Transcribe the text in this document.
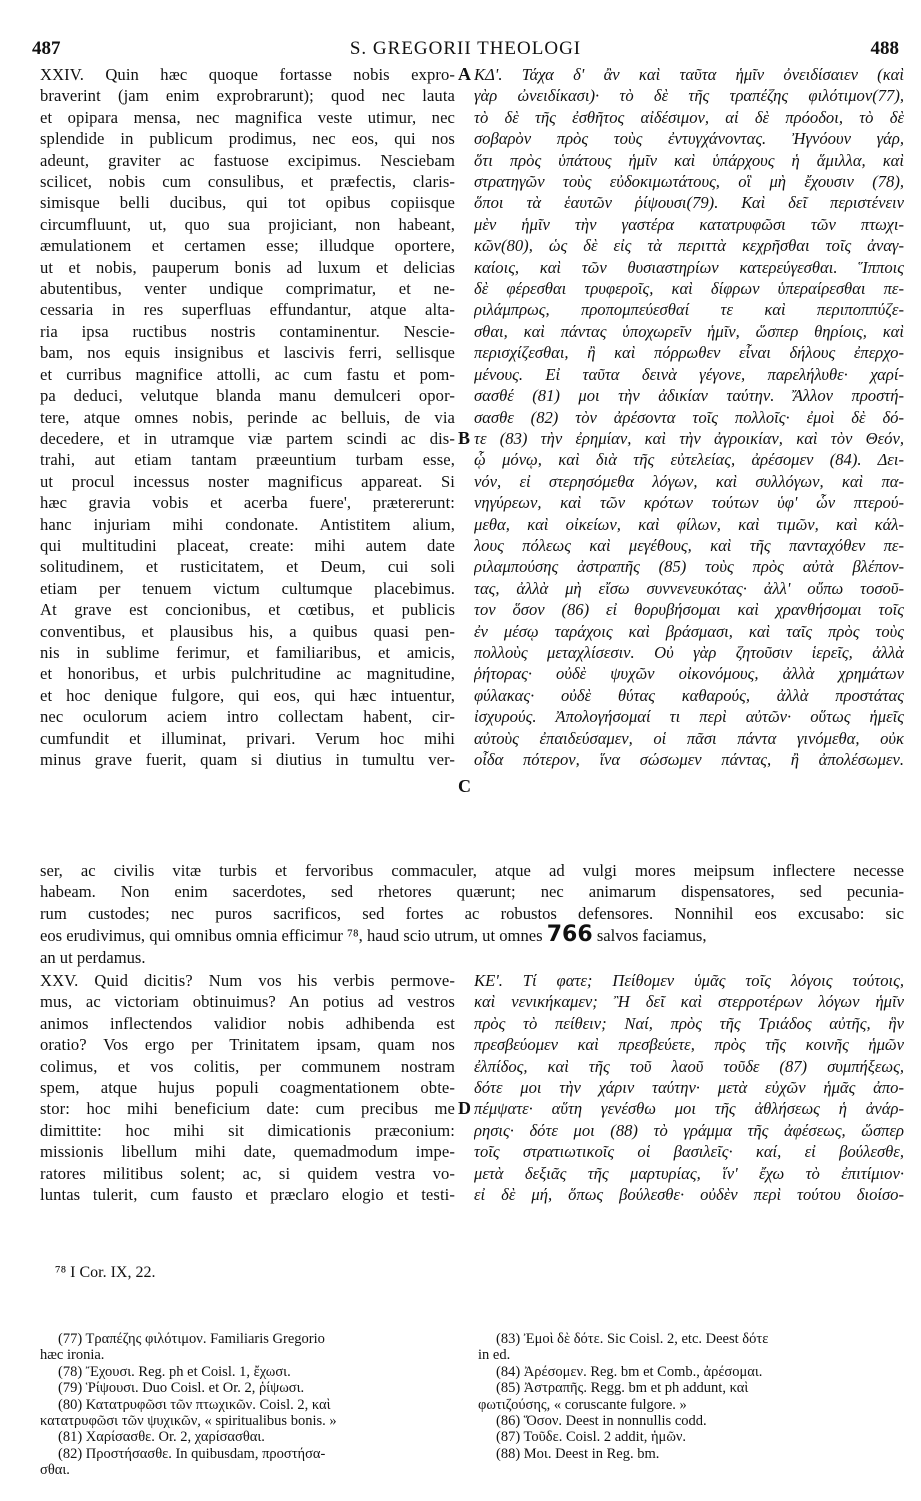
487	S. GREGORII THEOLOGI	488
XXIV. Quin hæc quoque fortasse nobis expro-
braverint (jam enim exprobrarunt); quod nec lauta
et opipara mensa, nec magnifica veste utimur, nec
splendide in publicum prodimus, nec eos, qui nos
adeunt, graviter ac fastuose excipimus. Nesciebam
scilicet, nobis cum consulibus, et præfectis, claris-
simisque belli ducibus, qui tot opibus copiisque
circumfluunt, ut, quo sua projiciant, non habeant,
æmulationem et certamen esse; illudque oportere,
ut et nobis, pauperum bonis ad luxum et delicias
abutentibus, venter undique comprimatur, et ne-
cessaria in res superfluas effundantur, atque alta-
ria ipsa ructibus nostris contaminentur. Nescie-
bam, nos equis insignibus et lascivis ferri, sellisque
et curribus magnifice attolli, ac cum fastu et pom-
pa deduci, velutque blanda manu demulceri opor-
tere, atque omnes nobis, perinde ac belluis, de via
decedere, et in utramque viæ partem scindi ac dis-
trahi, aut etiam tantam præeuntium turbam esse,
ut procul incessus noster magnificus appareat. Si
hæc gravia vobis et acerba fuere', prætererunt:
hanc injuriam mihi condonate. Antistitem alium,
qui multitudini placeat, create: mihi autem date
solitudinem, et rusticitatem, et Deum, cui soli
etiam per tenuem victum cultumque placebimus.
At grave est concionibus, et cœtibus, et publicis
conventibus, et plausibus his, a quibus quasi pen-
nis in sublime ferimur, et familiaribus, et amicis,
et honoribus, et urbis pulchritudine ac magnitudine,
et hoc denique fulgore, qui eos, qui hæc intuentur,
nec oculorum aciem intro collectam habent, cir-
cumfundit et illuminat, privari. Verum hoc mihi
minus grave fuerit, quam si diutius in tumultu ver-
ΚΔʹ. Τάχα δ' ἂν καὶ ταῦτα ἡμῖν ὀνειδίσαιεν (καὶ
γὰρ ὠνειδίκασι)· τὸ δὲ τῆς τραπέζης φιλότιμον(77),
τὸ δὲ τῆς ἐσθῆτος αἰδέσιμον, αἱ δὲ πρόοδοι, τὸ δὲ
σοβαρὸν πρὸς τοὺς ἐντυγχάνοντας. Ἠγνόουν γάρ,
ὅτι πρὸς ὑπάτους ἡμῖν καὶ ὑπάρχους ἡ ἅμιλλα, καὶ
στρατηγῶν τοὺς εὐδοκιμωτάτους, οἳ μὴ ἔχουσιν (78),
ὅποι τὰ ἑαυτῶν ῥίψουσι(79). Καὶ δεῖ περιστένειν
μὲν ἡμῖν τὴν γαστέρα κατατρυφῶσι τῶν πτωχι-
κῶν(80), ὡς δὲ εἰς τὰ περιττὰ κεχρῆσθαι τοῖς ἀναγ-
καίοις, καὶ τῶν θυσιαστηρίων κατερεύγεσθαι. Ἵπποις
δὲ φέρεσθαι τρυφεροῖς, καὶ δίφρων ὑπεραίρεσθαι πε-
ριλάμπρως, προπομπεύεσθαί τε καὶ περιποππύζε-
σθαι, καὶ πάντας ὑποχωρεῖν ἡμῖν, ὥσπερ θηρίοις, καὶ
περισχίζεσθαι, ἢ καὶ πόρρωθεν εἶναι δήλους ἐπερχο-
μένους. Εἰ ταῦτα δεινὰ γέγονε, παρελήλυθε· χαρί-
σασθέ (81) μοι τὴν ἀδικίαν ταύτην. Ἄλλον προστή-
σασθε (82) τὸν ἀρέσοντα τοῖς πολλοῖς· ἐμοὶ δὲ δό-
τε (83) τὴν ἐρημίαν, καὶ τὴν ἀγροικίαν, καὶ τὸν Θεόν,
ᾧ μόνῳ, καὶ διὰ τῆς εὐτελείας, ἀρέσομεν (84). Δει-
νόν, εἰ στερησόμεθα λόγων, καὶ συλλόγων, καὶ πα-
νηγύρεων, καὶ τῶν κρότων τούτων ὑφ' ὧν πτερού-
μεθα, καὶ οἰκείων, καὶ φίλων, καὶ τιμῶν, καὶ κάλ-
λους πόλεως καὶ μεγέθους, καὶ τῆς πανταχόθεν πε-
ριλαμπούσης ἀστραπῆς (85) τοὺς πρὸς αὐτὰ βλέπον-
τας, ἀλλὰ μὴ εἴσω συννενευκότας· ἀλλ' οὔπω τοσοῦ-
τον ὅσον (86) εἰ θορυβήσομαι καὶ χρανθήσομαι τοῖς
ἐν μέσῳ ταράχοις καὶ βράσμασι, καὶ ταῖς πρὸς τοὺς
πολλοὺς μεταχλίσεσιν. Οὐ γὰρ ζητοῦσιν ἱερεῖς, ἀλλὰ
ῥήτορας· οὐδὲ ψυχῶν οἰκονόμους, ἀλλὰ χρημάτων
φύλακας· οὐδὲ θύτας καθαρούς, ἀλλὰ προστάτας
ἰσχυρούς. Ἀπολογήσομαί τι περὶ αὐτῶν· οὕτως ἡμεῖς
αὐτοὺς ἐπαιδεύσαμεν, οἱ πᾶσι πάντα γινόμεθα, οὐκ
οἶδα πότερον, ἵνα σώσωμεν πάντας, ἢ ἀπολέσωμεν.
A
B
C
D
ser, ac civilis vitæ turbis et fervoribus commaculer, atque ad vulgi mores meipsum inflectere necesse
habeam. Non enim sacerdotes, sed rhetores quærunt; nec animarum dispensatores, sed pecunia-
rum custodes; nec puros sacrificos, sed fortes ac robustos defensores. Nonnihil eos excusabo: sic
eos erudivimus, qui omnibus omnia efficimur ⁷⁸, haud scio utrum, ut omnes 766 salvos faciamus,
an ut perdamus.
XXV. Quid dicitis? Num vos his verbis permove-
mus, ac victoriam obtinuimus? An potius ad vestros
animos inflectendos validior nobis adhibenda est
oratio? Vos ergo per Trinitatem ipsam, quam nos
colimus, et vos colitis, per communem nostram
spem, atque hujus populi coagmentationem obte-
stor: hoc mihi beneficium date: cum precibus me
dimittite: hoc mihi sit dimicationis præconium:
missionis libellum mihi date, quemadmodum impe-
ratores militibus solent; ac, si quidem vestra vo-
luntas tulerit, cum fausto et præclaro elogio et testi-
ΚΕʹ. Τί φατε; Πείθομεν ὑμᾶς τοῖς λόγοις τούτοις,
καὶ νενικήκαμεν; Ἢ δεῖ καὶ στερροτέρων λόγων ἡμῖν
πρὸς τὸ πείθειν; Ναί, πρὸς τῆς Τριάδος αὐτῆς, ἣν
πρεσβεύομεν καὶ πρεσβεύετε, πρὸς τῆς κοινῆς ἡμῶν
ἐλπίδος, καὶ τῆς τοῦ λαοῦ τοῦδε (87) συμπήξεως,
δότε μοι τὴν χάριν ταύτην· μετὰ εὐχῶν ἡμᾶς ἀπο-
πέμψατε· αὕτη γενέσθω μοι τῆς ἀθλήσεως ἡ ἀνάρ-
ρησις· δότε μοι (88) τὸ γράμμα τῆς ἀφέσεως, ὥσπερ
τοῖς στρατιωτικοῖς οἱ βασιλεῖς· καί, εἰ βούλεσθε,
μετὰ δεξιᾶς τῆς μαρτυρίας, ἵν' ἔχω τὸ ἐπιτίμιον·
εἰ δὲ μή, ὅπως βούλεσθε· οὐδὲν περὶ τούτου διοίσο-
⁷⁸ I Cor. IX, 22.
(77) Τραπέζης φιλότιμον. Familiaris Gregorio
hæc ironia.
(78) Ἔχουσι. Reg. ph et Coisl. 1, ἔχωσι.
(79) Ῥίψουσι. Duo Coisl. et Or. 2, ῥίψωσι.
(80) Κατατρυφῶσι τῶν πτωχικῶν. Coisl. 2, καὶ
κατατρυφῶσι τῶν ψυχικῶν, « spiritualibus bonis. »
(81) Χαρίσασθε. Or. 2, χαρίσασθαι.
(82) Προστήσασθε. In quibusdam, προστήσα-
σθαι.
(83) Ἐμοὶ δὲ δότε. Sic Coisl. 2, etc. Deest δότε
in ed.
(84) Ἀρέσομεν. Reg. bm et Comb., ἀρέσομαι.
(85) Ἀστραπῆς. Regg. bm et ph addunt, καὶ
φωτιζούσης, « coruscante fulgore. »
(86) Ὅσον. Deest in nonnullis codd.
(87) Τοῦδε. Coisl. 2 addit, ἡμῶν.
(88) Μοι. Deest in Reg. bm.
